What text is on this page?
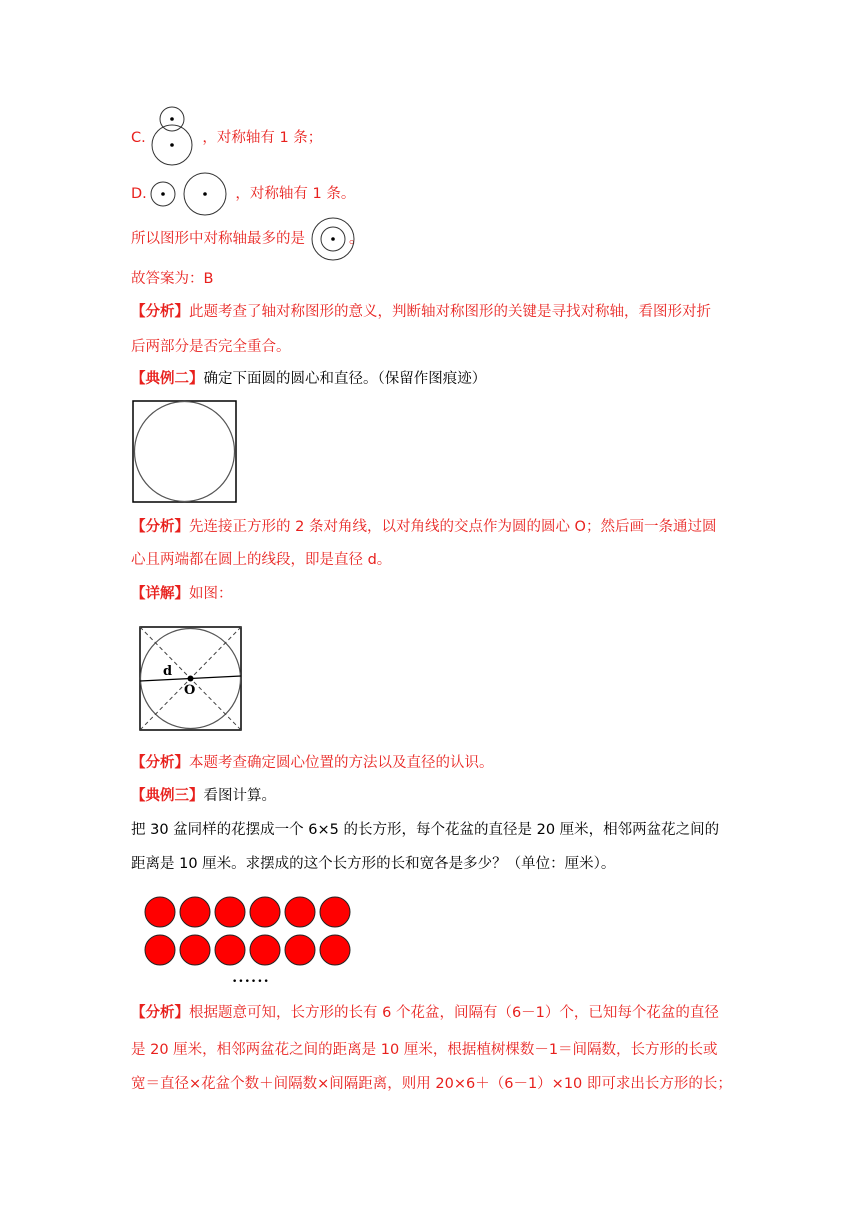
C.	，对称轴有 1 条；
D.	，对称轴有 1 条。
所以图形中对称轴最多的是	。
故答案为：B
【分析】此题考查了轴对称图形的意义，判断轴对称图形的关键是寻找对称轴，看图形对折
后两部分是否完全重合。
【典例二】确定下面圆的圆心和直径。（保留作图痕迹）
【分析】先连接正方形的 2 条对角线，以对角线的交点作为圆的圆心 O；然后画一条通过圆
心且两端都在圆上的线段，即是直径 d。
【详解】如图：
d
O
【分析】本题考查确定圆心位置的方法以及直径的认识。
【典例三】看图计算。
把 30 盆同样的花摆成一个 6×5 的长方形，每个花盆的直径是 20 厘米，相邻两盆花之间的
距离是 10 厘米。求摆成的这个长方形的长和宽各是多少？（单位：厘米）。
••••••
【分析】根据题意可知，长方形的长有 6 个花盆，间隔有（6－1）个，已知每个花盆的直径
是 20 厘米，相邻两盆花之间的距离是 10 厘米，根据植树棵数－1＝间隔数，长方形的长或
宽＝直径×花盆个数＋间隔数×间隔距离，则用 20×6＋（6－1）×10 即可求出长方形的长；
